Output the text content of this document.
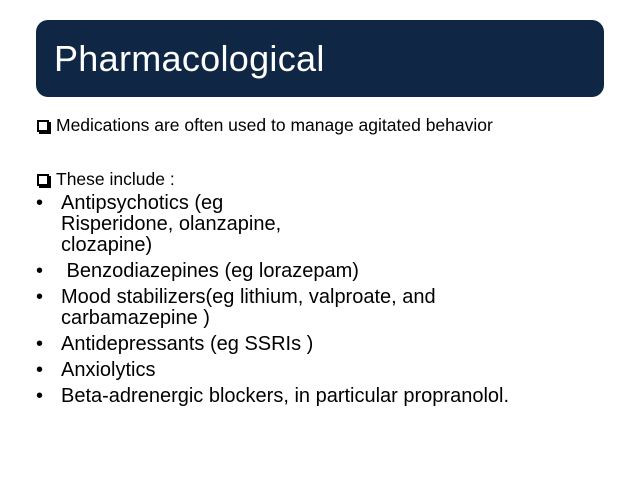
Pharmacological
Medications are often used to manage agitated behavior
These include :
• Antipsychotics (eg Risperidone, olanzapine, clozapine)
• Benzodiazepines (eg lorazepam)
• Mood stabilizers(eg lithium, valproate, and carbamazepine )
• Antidepressants (eg SSRIs )
• Anxiolytics
• Beta-adrenergic blockers, in particular propranolol.
